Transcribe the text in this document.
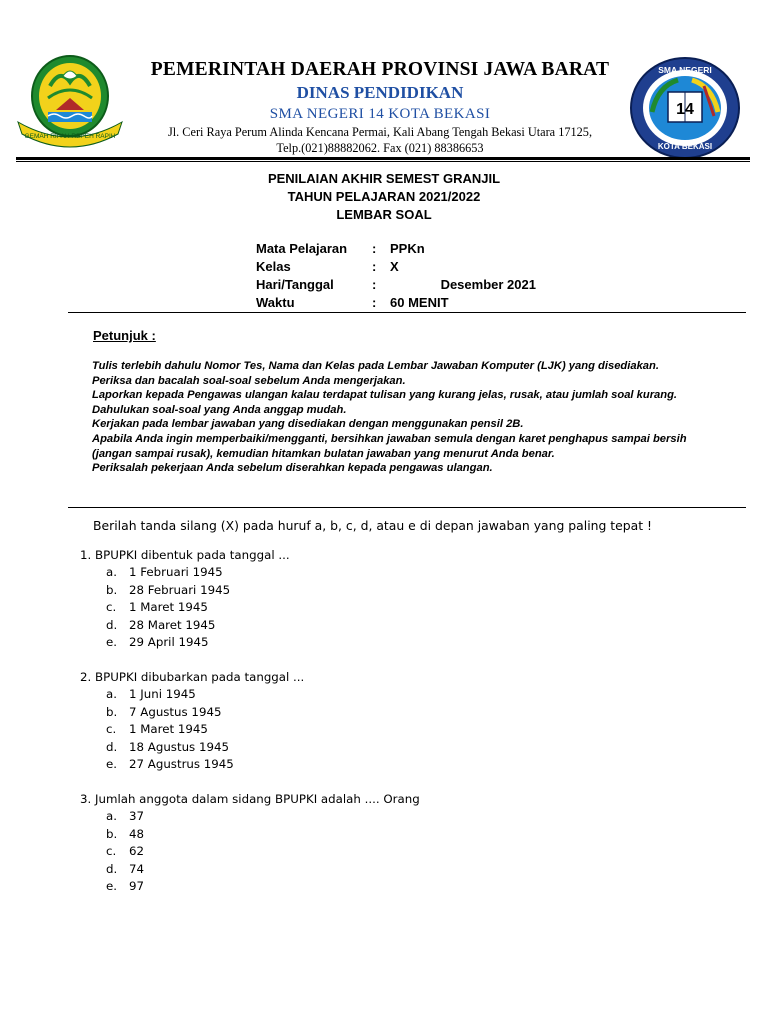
GEMAH RIPAH REPEH RAPIH
PEMERINTAH DAERAH PROVINSI JAWA BARAT
DINAS PENDIDIKAN
SMA NEGERI 14 KOTA BEKASI
Jl. Ceri Raya Perum Alinda Kencana Permai, Kali Abang Tengah Bekasi Utara 17125,
Telp.(021)88882062. Fax (021) 88386653
14
SMA NEGERI
KOTA BEKASI
PENILAIAN AKHIR SEMEST GRANJIL
TAHUN PELAJARAN 2021/2022
LEMBAR SOAL
Mata Pelajaran : PPKn
Kelas	: X
Hari/Tanggal	: Desember 2021
Waktu	: 60 MENIT
Petunjuk :
Tulis terlebih dahulu Nomor Tes, Nama dan Kelas pada Lembar Jawaban Komputer (LJK) yang disediakan.
Periksa dan bacalah soal-soal sebelum Anda mengerjakan.
Laporkan kepada Pengawas ulangan kalau terdapat tulisan yang kurang jelas, rusak, atau jumlah soal kurang.
Dahulukan soal-soal yang Anda anggap mudah.
Kerjakan pada lembar jawaban yang disediakan dengan menggunakan pensil 2B.
Apabila Anda ingin memperbaiki/mengganti, bersihkan jawaban semula dengan karet penghapus sampai bersih (jangan sampai rusak), kemudian hitamkan bulatan jawaban yang menurut Anda benar.
Periksalah pekerjaan Anda sebelum diserahkan kepada pengawas ulangan.
Berilah tanda silang (X) pada huruf a, b, c, d, atau e di depan jawaban yang paling tepat !
1. BPUPKI dibentuk pada tanggal ...
a. 1 Februari 1945
b. 28 Februari 1945
c. 1 Maret 1945
d. 28 Maret 1945
e. 29 April 1945
2. BPUPKI dibubarkan pada tanggal ...
a. 1 Juni 1945
b. 7 Agustus 1945
c. 1 Maret 1945
d. 18 Agustus 1945
e. 27 Agustrus 1945
3. Jumlah anggota dalam sidang BPUPKI adalah .... Orang
a. 37
b. 48
c. 62
d. 74
e. 97
